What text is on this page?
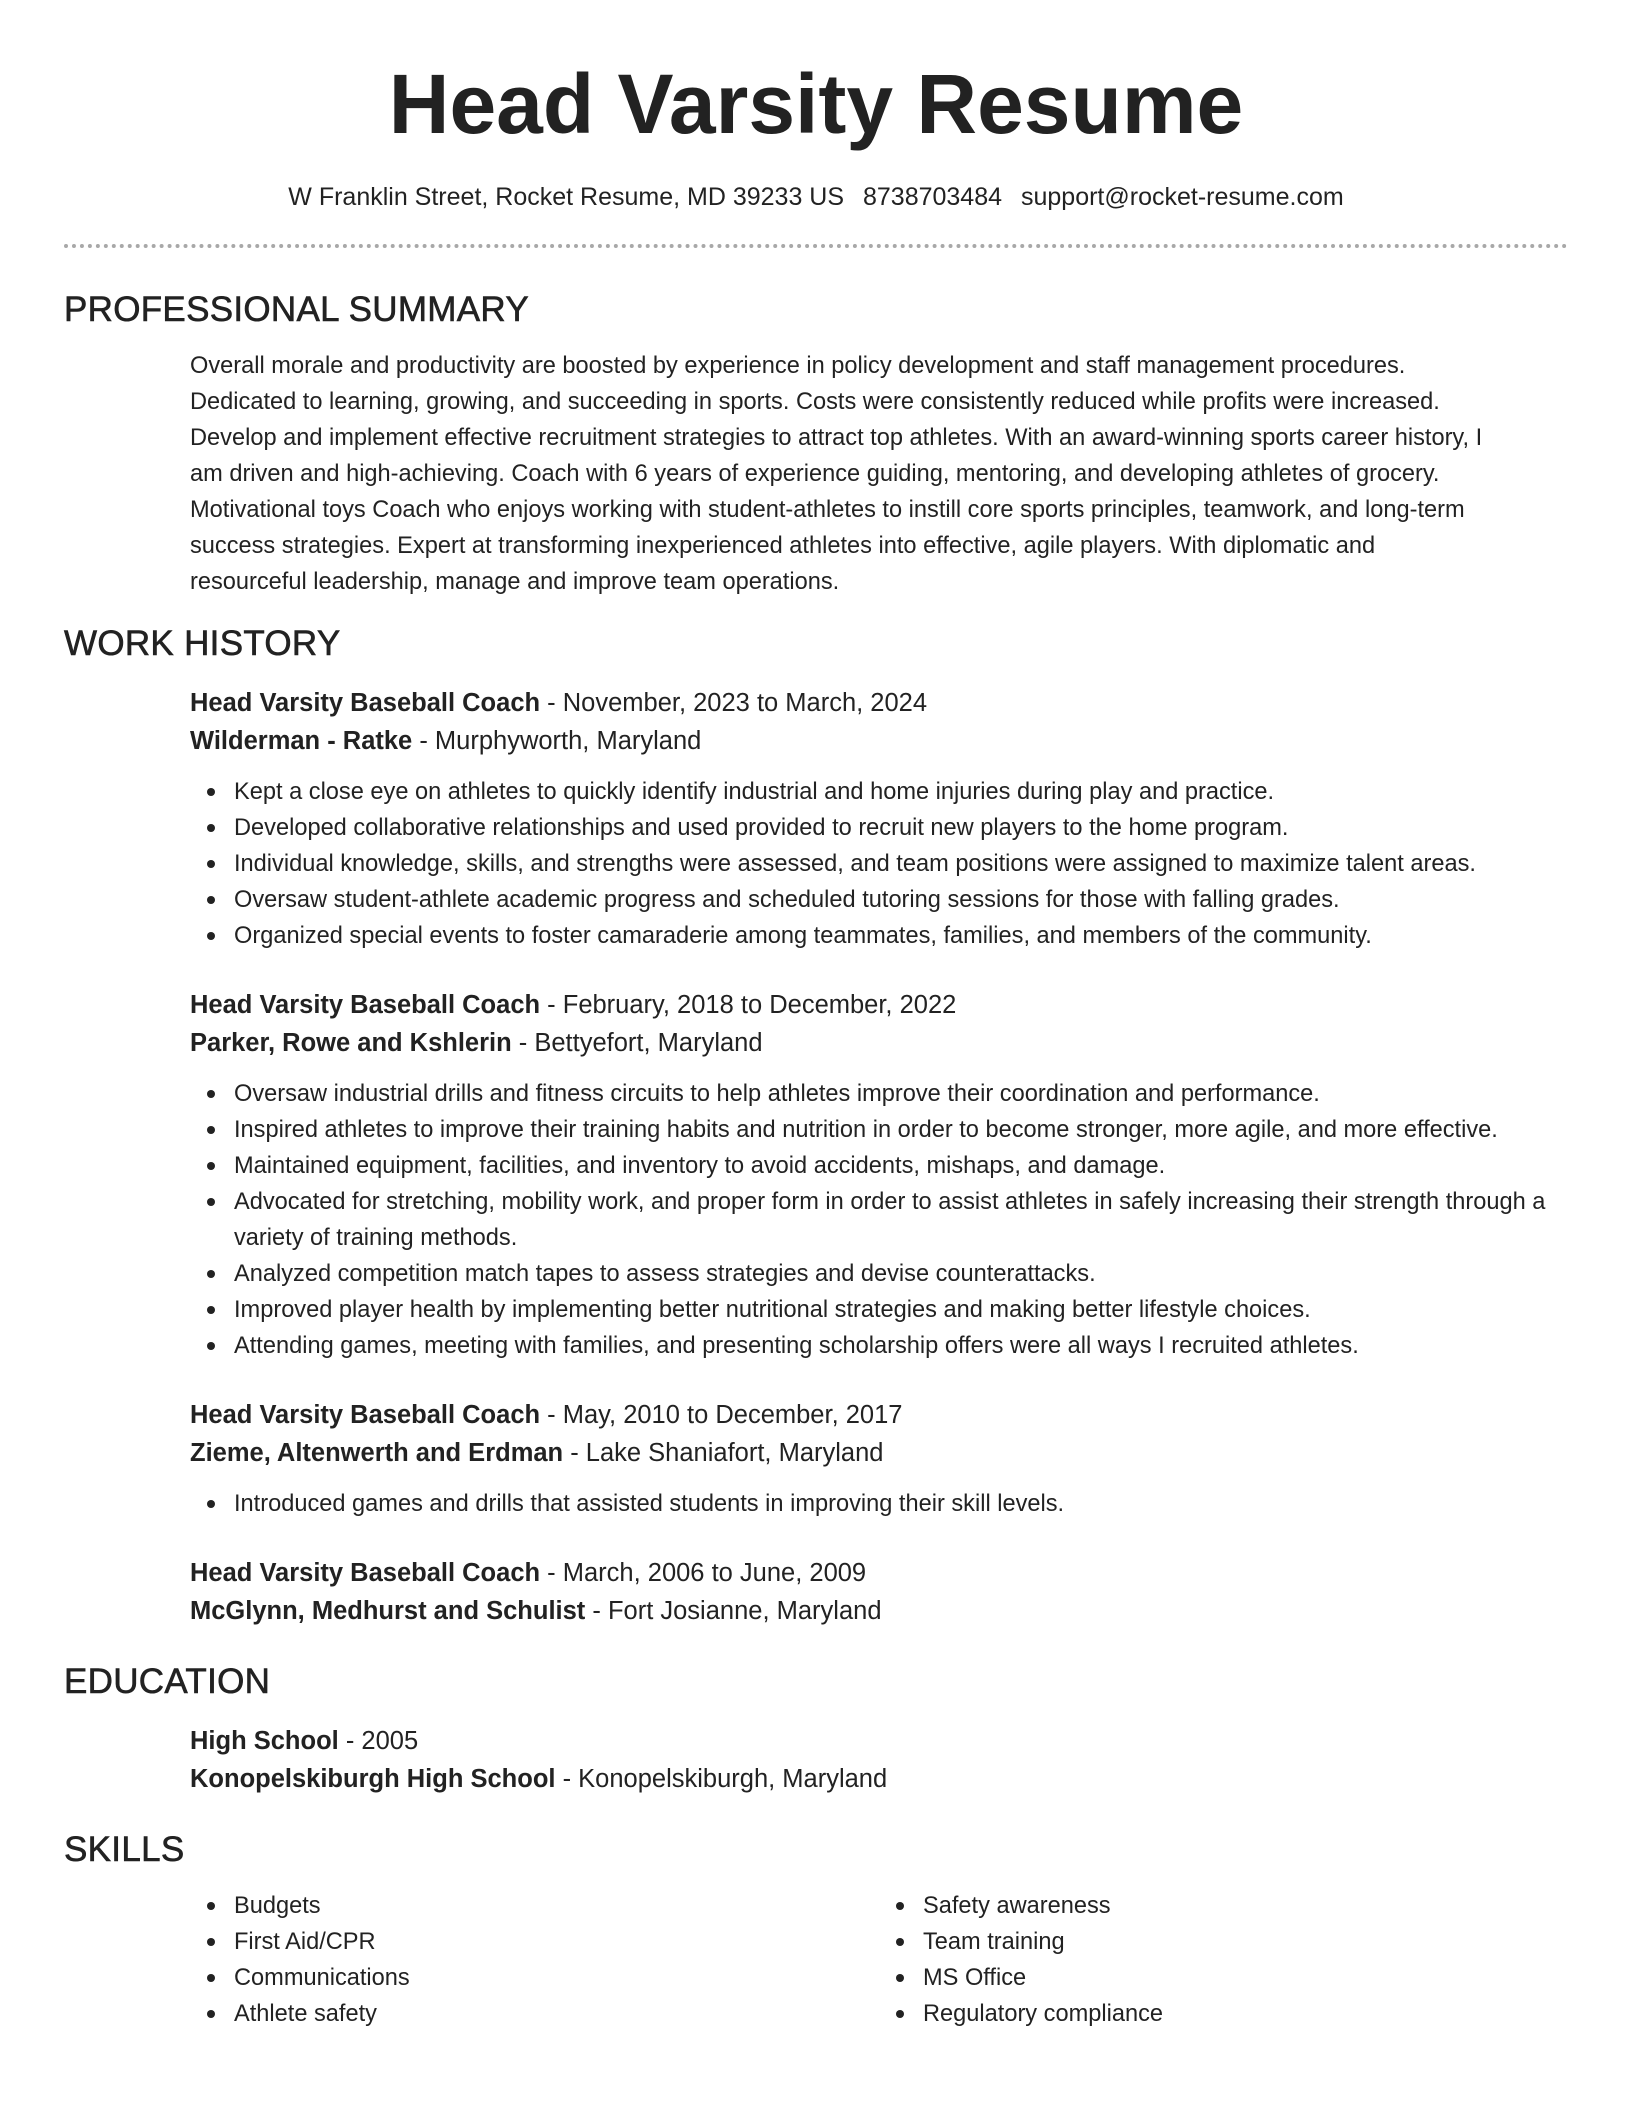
Head Varsity Resume
W Franklin Street, Rocket Resume, MD 39233 US 8738703484 support@rocket-resume.com
PROFESSIONAL SUMMARY
Overall morale and productivity are boosted by experience in policy development and staff management procedures.
Dedicated to learning, growing, and succeeding in sports. Costs were consistently reduced while profits were increased.
Develop and implement effective recruitment strategies to attract top athletes. With an award-winning sports career history, I
am driven and high-achieving. Coach with 6 years of experience guiding, mentoring, and developing athletes of grocery.
Motivational toys Coach who enjoys working with student-athletes to instill core sports principles, teamwork, and long-term
success strategies. Expert at transforming inexperienced athletes into effective, agile players. With diplomatic and
resourceful leadership, manage and improve team operations.
WORK HISTORY
Head Varsity Baseball Coach - November, 2023 to March, 2024
Wilderman - Ratke - Murphyworth, Maryland
Kept a close eye on athletes to quickly identify industrial and home injuries during play and practice.
Developed collaborative relationships and used provided to recruit new players to the home program.
Individual knowledge, skills, and strengths were assessed, and team positions were assigned to maximize talent areas.
Oversaw student-athlete academic progress and scheduled tutoring sessions for those with falling grades.
Organized special events to foster camaraderie among teammates, families, and members of the community.
Head Varsity Baseball Coach - February, 2018 to December, 2022
Parker, Rowe and Kshlerin - Bettyefort, Maryland
Oversaw industrial drills and fitness circuits to help athletes improve their coordination and performance.
Inspired athletes to improve their training habits and nutrition in order to become stronger, more agile, and more effective.
Maintained equipment, facilities, and inventory to avoid accidents, mishaps, and damage.
Advocated for stretching, mobility work, and proper form in order to assist athletes in safely increasing their strength through a variety of training methods.
Analyzed competition match tapes to assess strategies and devise counterattacks.
Improved player health by implementing better nutritional strategies and making better lifestyle choices.
Attending games, meeting with families, and presenting scholarship offers were all ways I recruited athletes.
Head Varsity Baseball Coach - May, 2010 to December, 2017
Zieme, Altenwerth and Erdman - Lake Shaniafort, Maryland
Introduced games and drills that assisted students in improving their skill levels.
Head Varsity Baseball Coach - March, 2006 to June, 2009
McGlynn, Medhurst and Schulist - Fort Josianne, Maryland
EDUCATION
High School - 2005
Konopelskiburgh High School - Konopelskiburgh, Maryland
SKILLS
Budgets
First Aid/CPR
Communications
Athlete safety
Safety awareness
Team training
MS Office
Regulatory compliance
